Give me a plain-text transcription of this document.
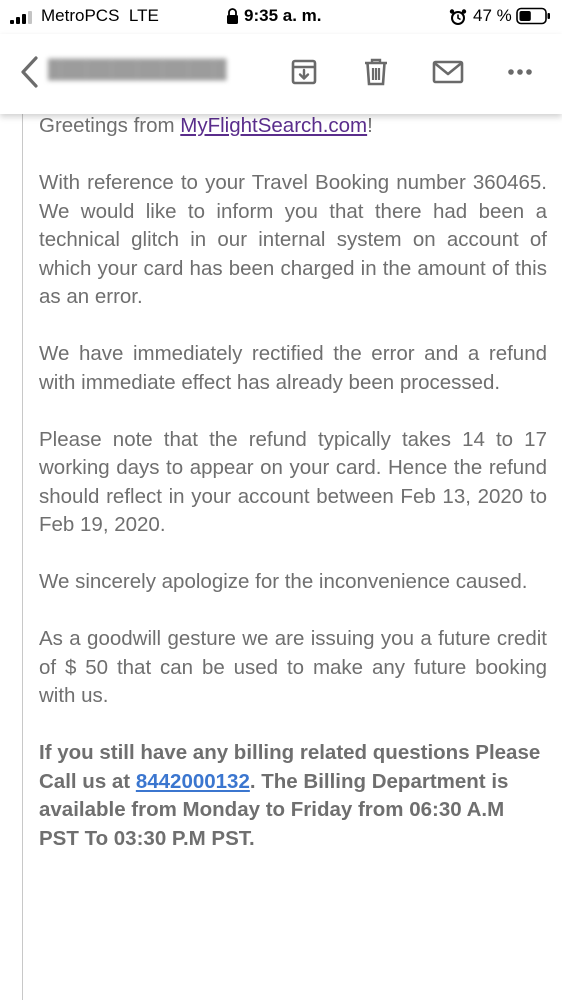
MetroPCS LTE	9:35 a. m.	47 %
██████████████

Greetings from MyFlightSearch.com!

With reference to your Travel Booking number 360465. We would like to inform you that there had been a technical glitch in our internal system on account of which your card has been charged in the amount of this as an error.

We have immediately rectified the error and a refund with immediate effect has already been processed.

Please note that the refund typically takes 14 to 17 working days to appear on your card. Hence the refund should reflect in your account between Feb 13, 2020 to Feb 19, 2020.

We sincerely apologize for the inconvenience caused.

As a goodwill gesture we are issuing you a future credit of $ 50 that can be used to make any future booking with us.

If you still have any billing related questions Please Call us at 8442000132. The Billing Department is available from Monday to Friday from 06:30 A.M PST To 03:30 P.M PST.
